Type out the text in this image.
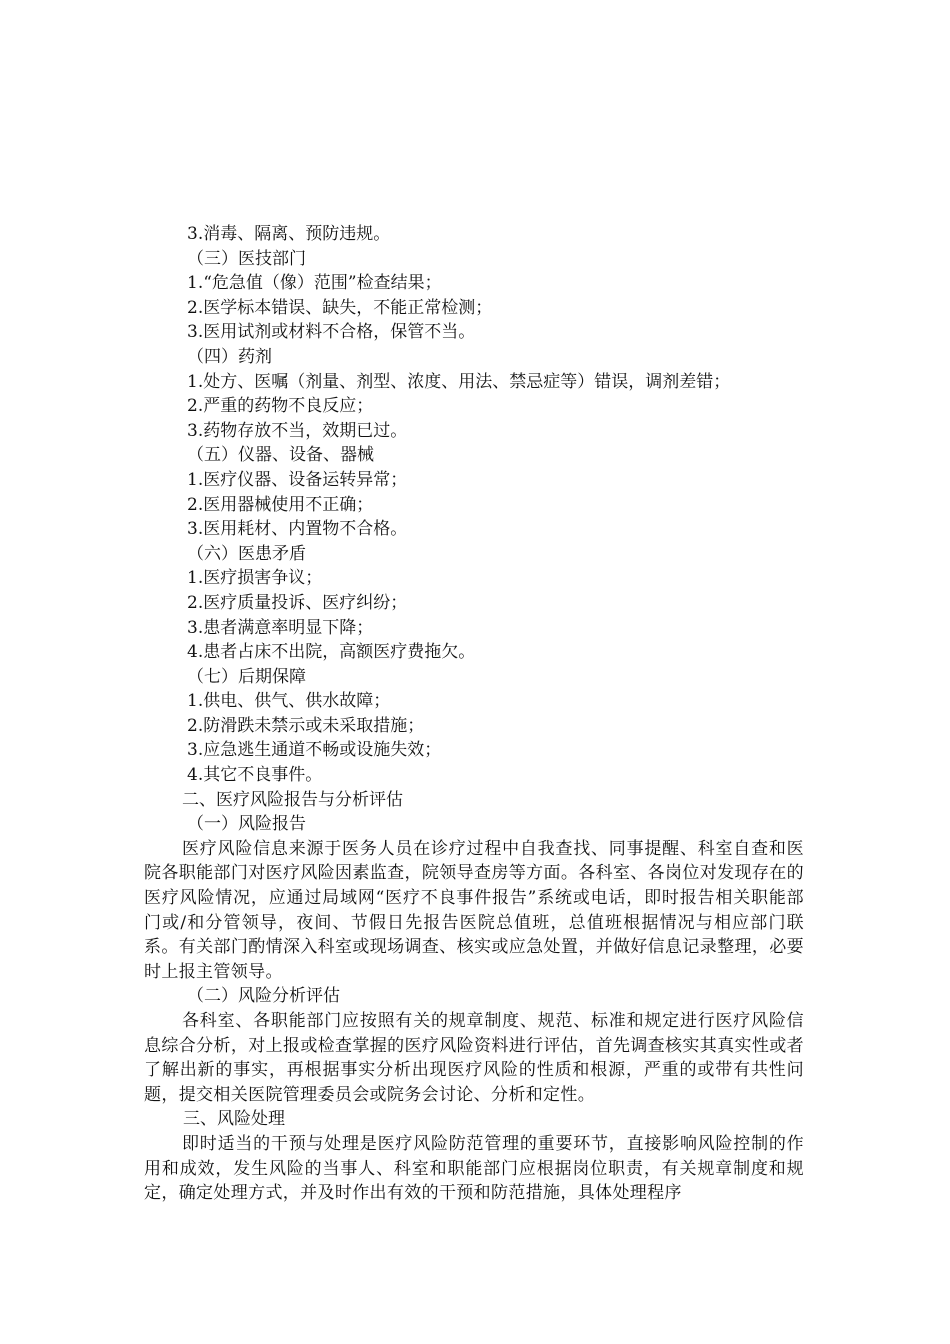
3.消毒、隔离、预防违规。
（三）医技部门
1.“危急值（像）范围”检查结果；
2.医学标本错误、缺失，不能正常检测；
3.医用试剂或材料不合格，保管不当。
（四）药剂
1.处方、医嘱（剂量、剂型、浓度、用法、禁忌症等）错误，调剂差错；
2.严重的药物不良反应；
3.药物存放不当，效期已过。
（五）仪器、设备、器械
1.医疗仪器、设备运转异常；
2.医用器械使用不正确；
3.医用耗材、内置物不合格。
（六）医患矛盾
1.医疗损害争议；
2.医疗质量投诉、医疗纠纷；
3.患者满意率明显下降；
4.患者占床不出院，高额医疗费拖欠。
（七）后期保障
1.供电、供气、供水故障；
2.防滑跌未禁示或未采取措施；
3.应急逃生通道不畅或设施失效；
4.其它不良事件。
二、医疗风险报告与分析评估
（一）风险报告

医疗风险信息来源于医务人员在诊疗过程中自我查找、同事提醒、科室自查和医院各职能部门对医疗风险因素监查，院领导查房等方面。各科室、各岗位对发现存在的医疗风险情况，应通过局域网“医疗不良事件报告”系统或电话，即时报告相关职能部门或/和分管领导，夜间、节假日先报告医院总值班，总值班根据情况与相应部门联系。有关部门酌情深入科室或现场调查、核实或应急处置，并做好信息记录整理，必要时上报主管领导。

（二）风险分析评估

各科室、各职能部门应按照有关的规章制度、规范、标准和规定进行医疗风险信息综合分析，对上报或检查掌握的医疗风险资料进行评估，首先调查核实其真实性或者了解出新的事实，再根据事实分析出现医疗风险的性质和根源，严重的或带有共性问题，提交相关医院管理委员会或院务会讨论、分析和定性。

三、风险处理

即时适当的干预与处理是医疗风险防范管理的重要环节，直接影响风险控制的作用和成效，发生风险的当事人、科室和职能部门应根据岗位职责，有关规章制度和规定，确定处理方式，并及时作出有效的干预和防范措施，具体处理程序
